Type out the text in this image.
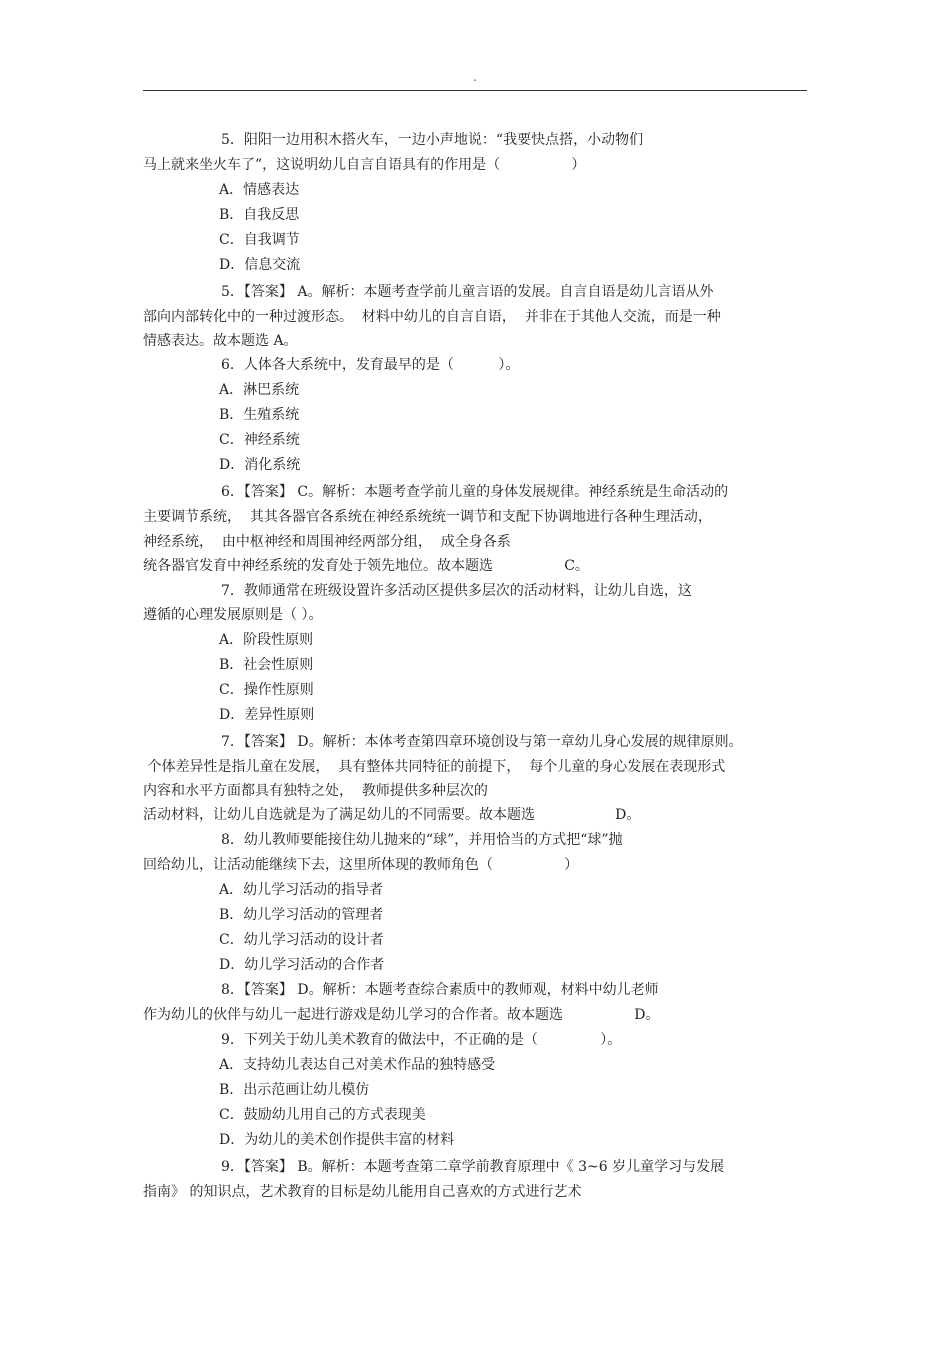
.
5．阳阳一边用积木搭火车，一边小声地说：“我要快点搭，小动物们
马上就来坐火车了”，这说明幼儿自言自语具有的作用是（                ）
A．情感表达
B．自我反思
C．自我调节
D．信息交流
5．【答案】 A。解析：本题考查学前儿童言语的发展。自言自语是幼儿言语从外
部向内部转化中的一种过渡形态。  材料中幼儿的自言自语，  并非在于其他人交流，而是一种
情感表达。故本题选 A。
6．人体各大系统中，发育最早的是（          ）。
A．淋巴系统
B．生殖系统
C．神经系统
D．消化系统
6．【答案】 C。解析：本题考查学前儿童的身体发展规律。神经系统是生命活动的
主要调节系统，  其其各器官各系统在神经系统统一调节和支配下协调地进行各种生理活动，
神经系统，  由中枢神经和周围神经两部分组，  成全身各系
统各器官发育中神经系统的发育处于领先地位。故本题选                C。
7．教师通常在班级设置许多活动区提供多层次的活动材料，让幼儿自选，这
遵循的心理发展原则是（ ）。
A．阶段性原则
B．社会性原则
C．操作性原则
D．差异性原则
7．【答案】 D。解析：本体考查第四章环境创设与第一章幼儿身心发展的规律原则。
个体差异性是指儿童在发展，  具有整体共同特征的前提下，  每个儿童的身心发展在表现形式
内容和水平方面都具有独特之处，  教师提供多种层次的
活动材料，让幼儿自选就是为了满足幼儿的不同需要。故本题选                  D。
8．幼儿教师要能接住幼儿抛来的“球”，并用恰当的方式把“球”抛
回给幼儿，让活动能继续下去，这里所体现的教师角色（                ）
A．幼儿学习活动的指导者
B．幼儿学习活动的管理者
C．幼儿学习活动的设计者
D．幼儿学习活动的合作者
8．【答案】 D。解析：本题考查综合素质中的教师观，材料中幼儿老师
作为幼儿的伙伴与幼儿一起进行游戏是幼儿学习的合作者。故本题选                D。
9．下列关于幼儿美术教育的做法中，不正确的是（              ）。
A．支持幼儿表达自己对美术作品的独特感受
B．出示范画让幼儿模仿
C．鼓励幼儿用自己的方式表现美
D．为幼儿的美术创作提供丰富的材料
9．【答案】 B。解析：本题考查第二章学前教育原理中《 3~6 岁儿童学习与发展
指南》 的知识点，艺术教育的目标是幼儿能用自己喜欢的方式进行艺术
